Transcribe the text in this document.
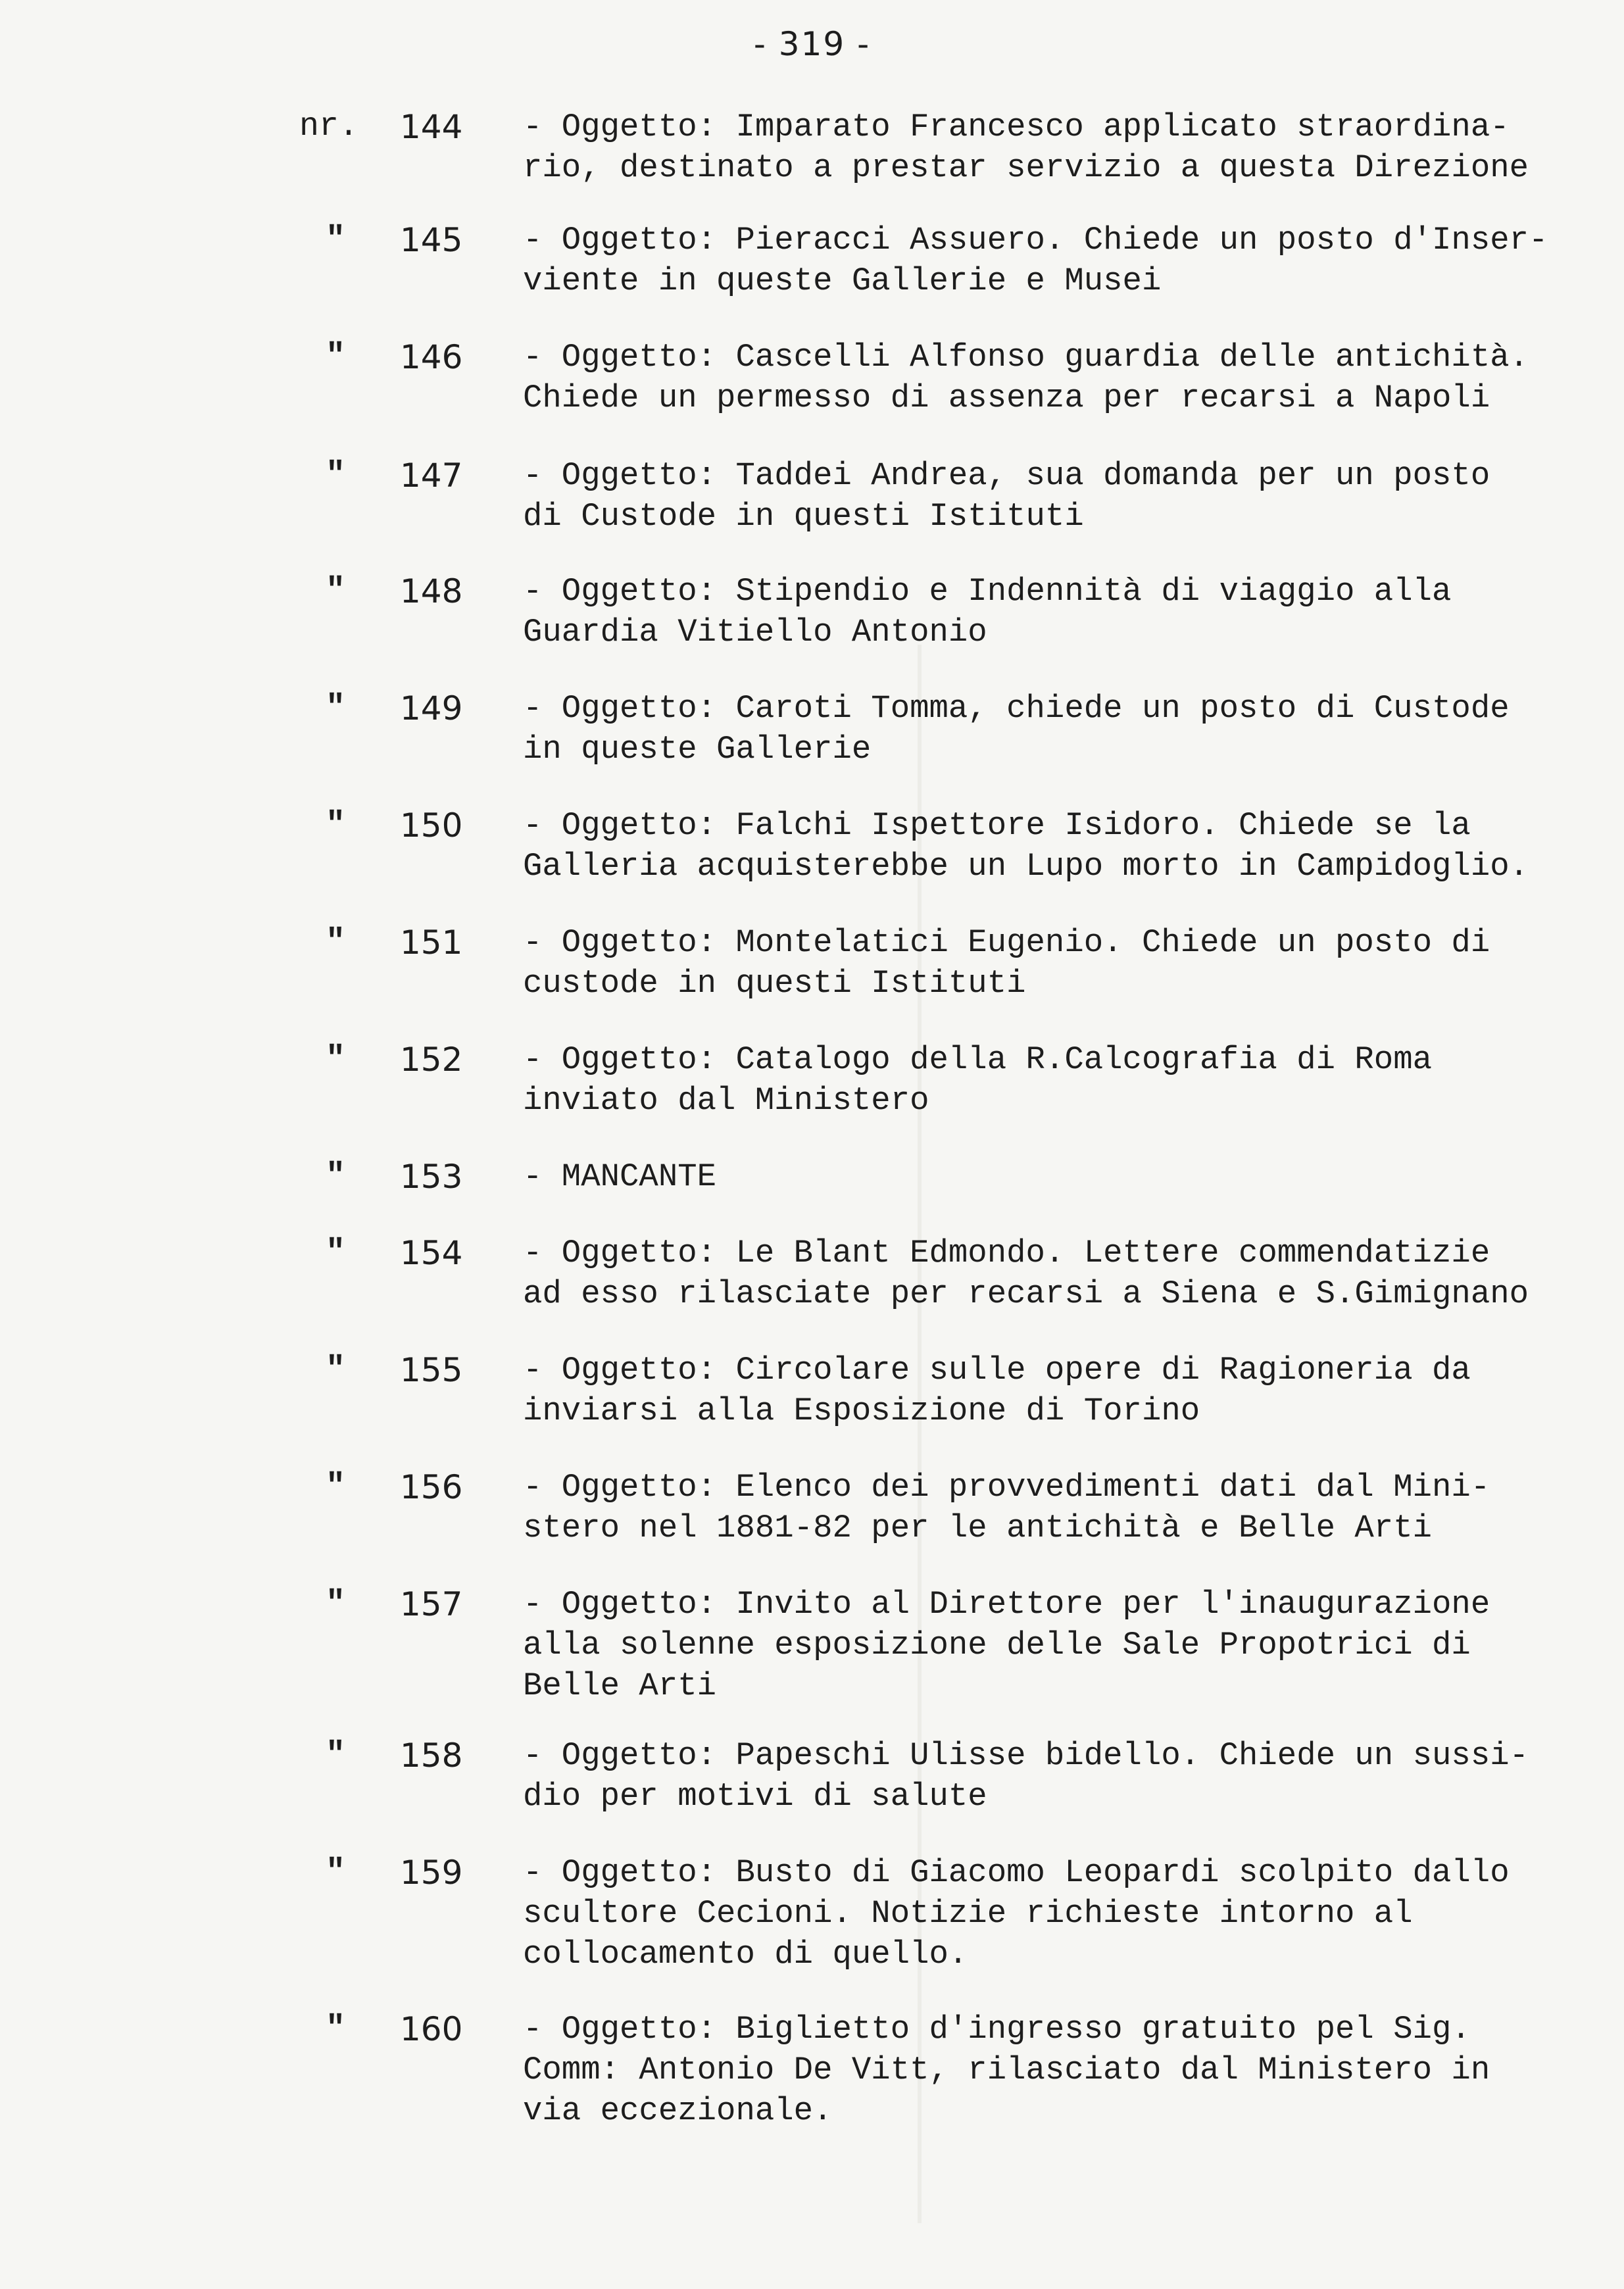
- 319 -
nr.	144 - Oggetto: Imparato Francesco applicato straordina-
rio, destinato a prestar servizio a questa Direzione
"	145 - Oggetto: Pieracci Assuero. Chiede un posto d'Inser-
viente in queste Gallerie e Musei
"	146 - Oggetto: Cascelli Alfonso guardia delle antichità.
Chiede un permesso di assenza per recarsi a Napoli
"	147 - Oggetto: Taddei Andrea, sua domanda per un posto
di Custode in questi Istituti
"	148 - Oggetto: Stipendio e Indennità di viaggio alla
Guardia Vitiello Antonio
"	149 - Oggetto: Caroti Tomma, chiede un posto di Custode
in queste Gallerie
"	150 - Oggetto: Falchi Ispettore Isidoro. Chiede se la
Galleria acquisterebbe un Lupo morto in Campidoglio.
"	151 - Oggetto: Montelatici Eugenio. Chiede un posto di
custode in questi Istituti
"	152 - Oggetto: Catalogo della R.Calcografia di Roma
inviato dal Ministero
"	153 - MANCANTE
"	154 - Oggetto: Le Blant Edmondo. Lettere commendatizie
ad esso rilasciate per recarsi a Siena e S.Gimignano
"	155 - Oggetto: Circolare sulle opere di Ragioneria da
inviarsi alla Esposizione di Torino
"	156 - Oggetto: Elenco dei provvedimenti dati dal Mini-
stero nel 1881-82 per le antichità e Belle Arti
"	157 - Oggetto: Invito al Direttore per l'inaugurazione
alla solenne esposizione delle Sale Propotrici di
Belle Arti
"	158 - Oggetto: Papeschi Ulisse bidello. Chiede un sussi-
dio per motivi di salute
"	159 - Oggetto: Busto di Giacomo Leopardi scolpito dallo
scultore Cecioni. Notizie richieste intorno al
collocamento di quello.
"	160 - Oggetto: Biglietto d'ingresso gratuito pel Sig.
Comm: Antonio De Vitt, rilasciato dal Ministero in
via eccezionale.
